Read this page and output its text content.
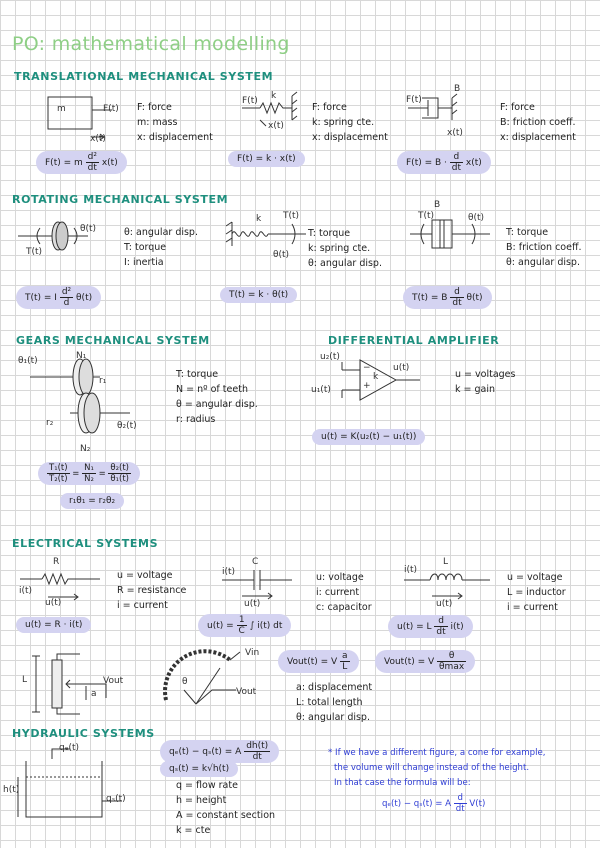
PO: mathematical modelling
TRANSLATIONAL MECHANICAL SYSTEM
m	F(t)
x(t)
F: force
m: mass
x: displacement
F(t) = m $\frac{\text{d²}}{dt} x(t)$
F(t) k
x(t)
F: force
k: spring cte.
x: displacement
F(t) = k · x(t)
F(t)
B
x(t)
F: force
B: friction coeff.
x: displacement
$F(t) = B \cdot \frac{d}{dt} x(t)$
ROTATING MECHANICAL SYSTEM
θ(t)
T(t)
θ: angular disp.
T: torque
I: inertia
T(t) = I $\frac{\text{d²}}{d} \theta(t)$
k T(t)
θ(t)
T: torque
k: spring cte.
θ: angular disp.
T(t) = k · θ(t)
T(t)
B
θ(t)
T: torque
B: friction coeff.
θ: angular disp.
T(t) = B $\frac{d}{dt} \theta(t)$
GEARS MECHANICAL SYSTEM
θ₁(t)	N₁
r₁
r₂	θ₂(t)
N₂
T: torque
N = nº of teeth
θ = angular disp.
r: radius
$\frac{\text{T₁(t)}}{\text{T₂(t)}} = \frac{\text{N₁}}{\text{N₂}} = \frac{\text{θ₂(t)}}{\text{θ₁(t)}}$
r₁θ₁ = r₂θ₂
DIFFERENTIAL AMPLIFIER
u₂(t)
u₁(t)
u(t)
−
+
k	u = voltages
k = gain
u(t) = K(u₂(t) − u₁(t))
ELECTRICAL SYSTEMS
R
i(t)
u(t)
u = voltage
R = resistance
i = current
u(t) = R · i(t)
C
i(t)
u(t)
u: voltage
i: current
c: capacitor
$u(t) = \frac{1}{C}$ ∫ i(t) dt
L
i(t)
u(t)
u = voltage
L = inductor
i = current
u(t) = L $\frac{d}{dt} i(t)$
L
a
Vout
Vin
θ
Vout
Vout(t) = V $\frac{a}{L}$	Vout(t) = V $\frac{\theta}{\theta\max}$
a: displacement
L: total length
θ: angular disp.
HYDRAULIC SYSTEMS
qₑ(t)
h(t)
qₛ(t)
qₑ(t) − qₛ(t) = A $\frac{dh(t)}{dt}$
qₛ(t) = k√h(t)
q = flow rate
h = height
A = constant section
k = cte
* If we have a different figure, a cone for example,
the volume will change instead of the height.
In that case the formula will be:
qₑ(t) − qₛ(t) = A $\frac{d}{dt} V(t)$
